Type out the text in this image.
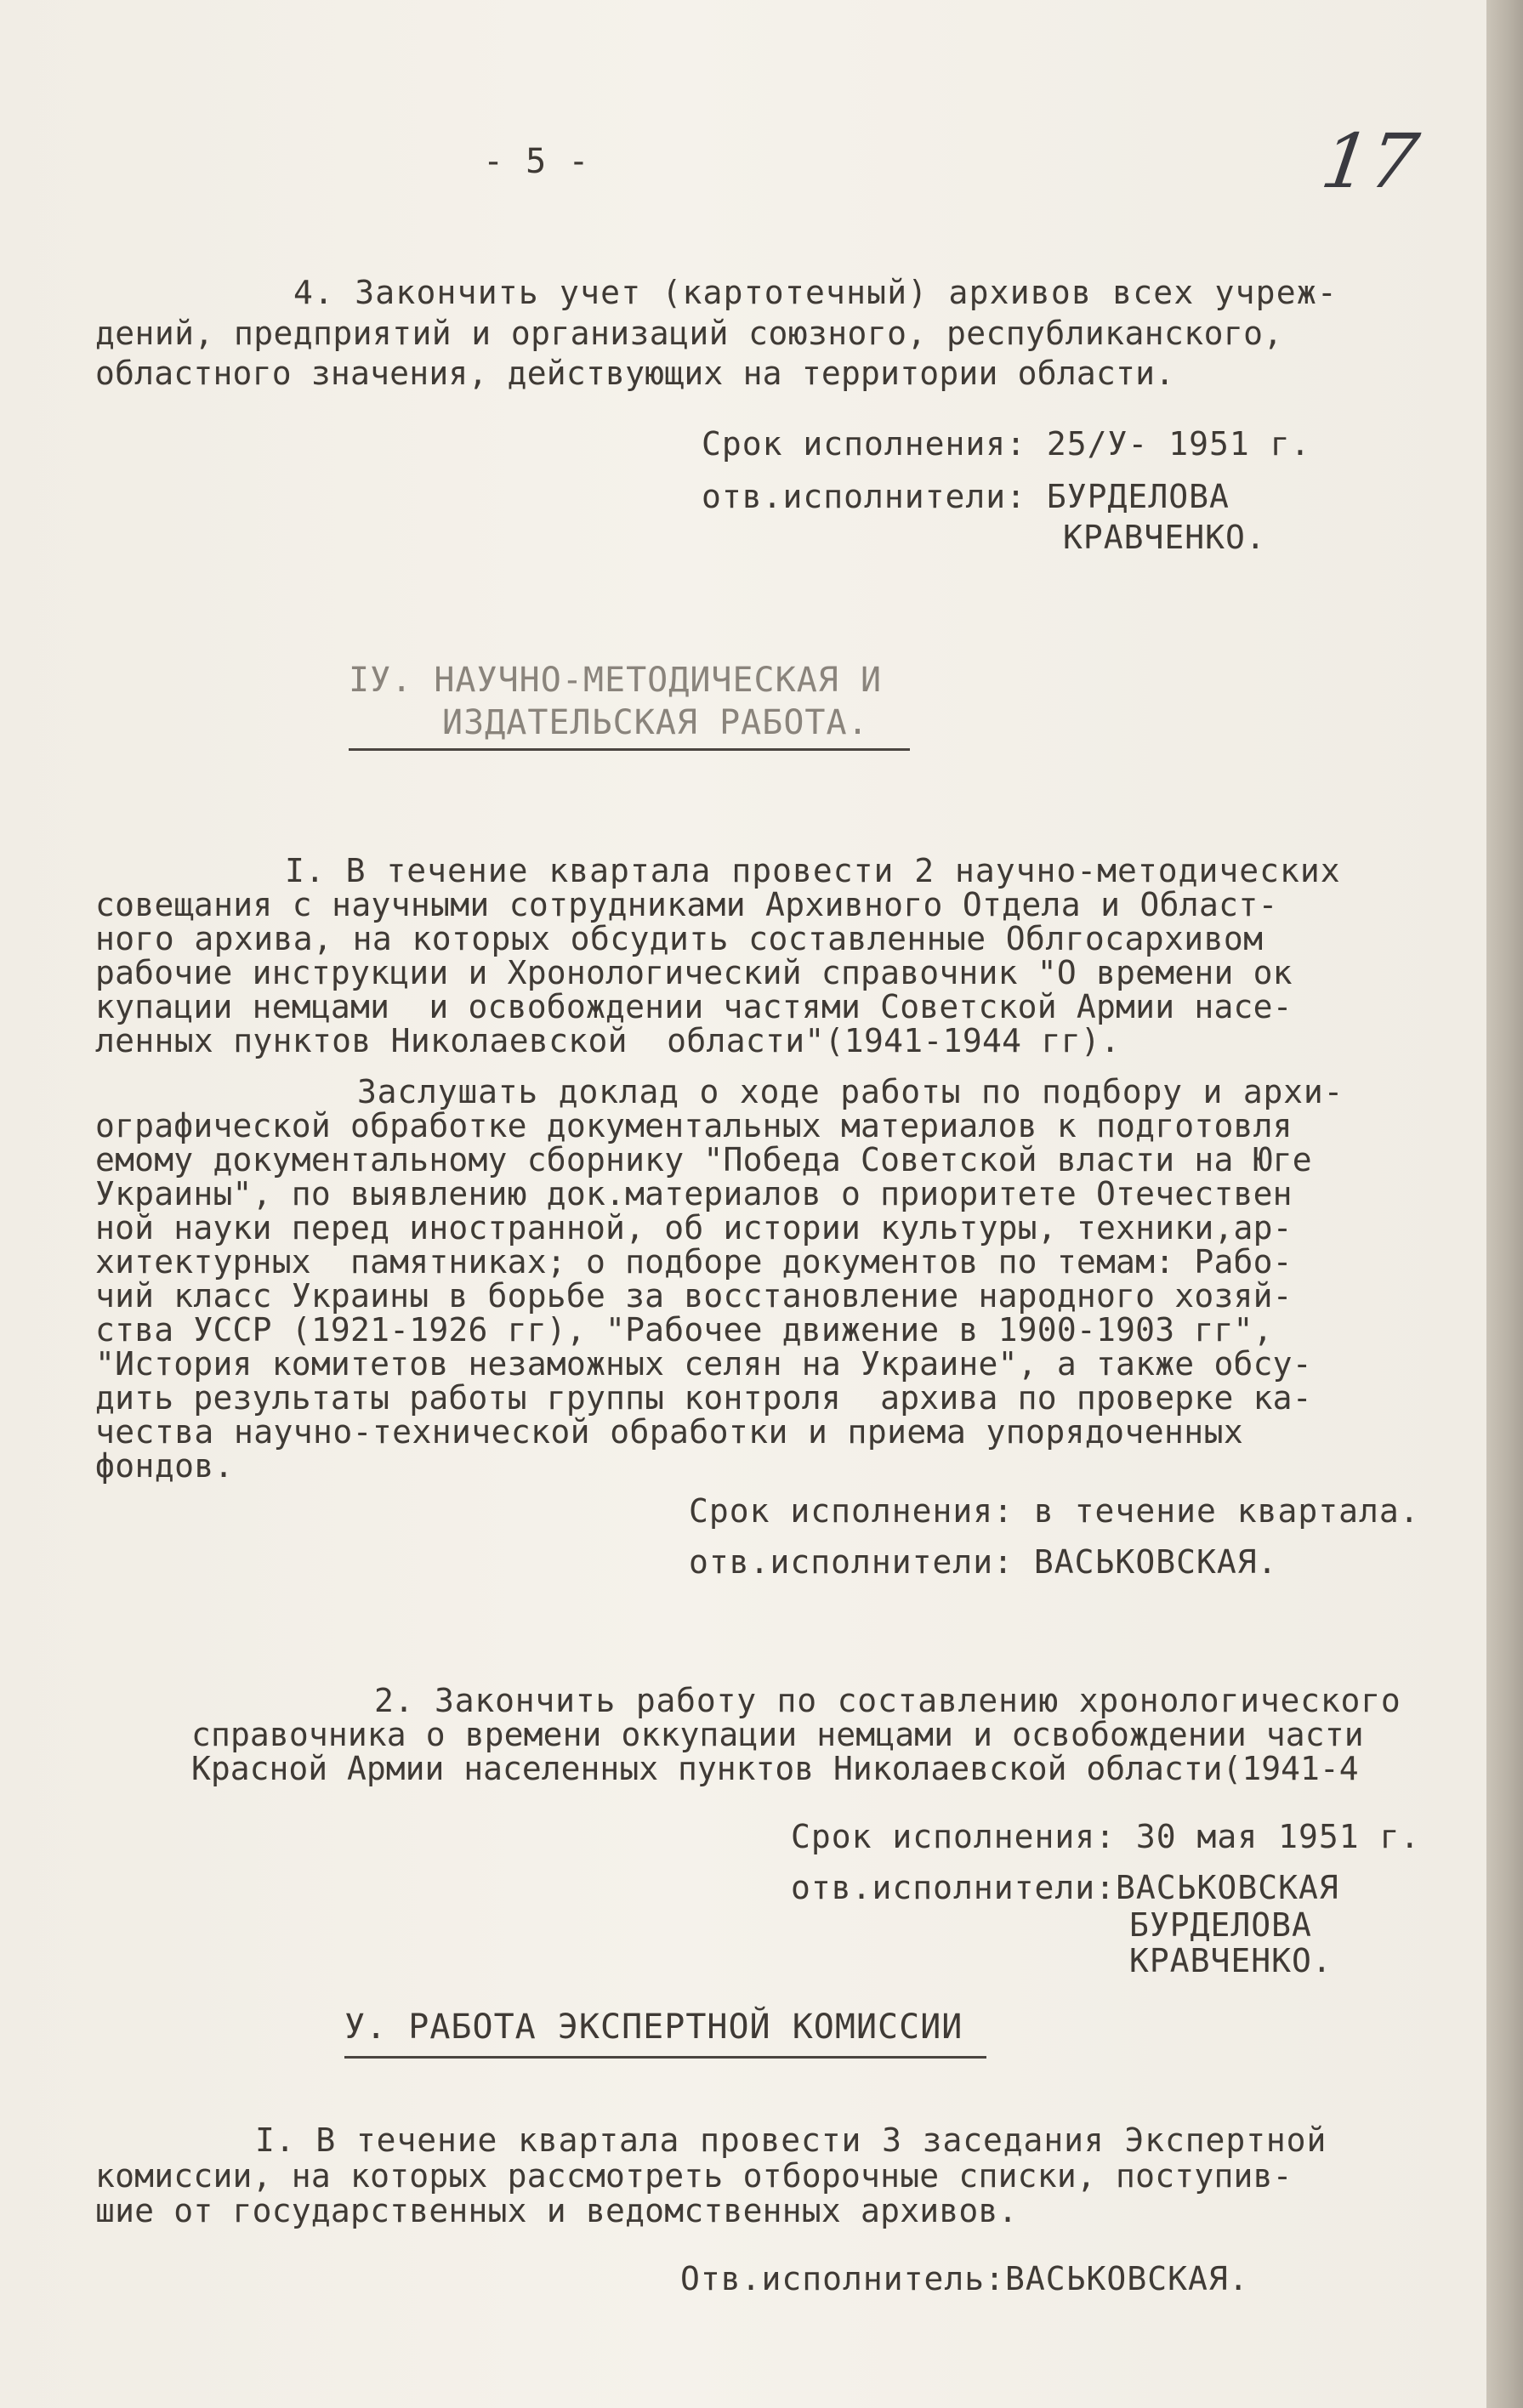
- 5 -	17
4. Закончить учет (картотечный) архивов всех учреж-
дений, предприятий и организаций союзного, республиканского,
областного значения, действующих на территории области.
Срок исполнения: 25/У- 1951 г.
отв.исполнители: БУРДЕЛОВА
КРАВЧЕНКО.
IУ. НАУЧНО-МЕТОДИЧЕСКАЯ И
ИЗДАТЕЛЬСКАЯ РАБОТА.
I. В течение квартала провести 2 научно-методических
совещания с научными сотрудниками Архивного Отдела и Област-
ного архива, на которых обсудить составленные Облгосархивом
рабочие инструкции и Хронологический справочник "О времени ок
купации немцами  и освобождении частями Советской Армии насе-
ленных пунктов Николаевской  области"(1941-1944 гг).
Заслушать доклад о ходе работы по подбору и архи-
ографической обработке документальных материалов к подготовля
емому документальному сборнику "Победа Советской власти на Юге
Украины", по выявлению док.материалов о приоритете Отечествен
ной науки перед иностранной, об истории культуры, техники,ар-
хитектурных  памятниках; о подборе документов по темам: Рабо-
чий класс Украины в борьбе за восстановление народного хозяй-
ства УССР (1921-1926 гг), "Рабочее движение в 1900-1903 гг",
"История комитетов незаможных селян на Украине", а также обсу-
дить результаты работы группы контроля  архива по проверке ка-
чества научно-технической обработки и приема упорядоченных
фондов.
Срок исполнения: в течение квартала.
отв.исполнители: ВАСЬКОВСКАЯ.
2. Закончить работу по составлению хронологического
справочника о времени оккупации немцами и освобождении части
Красной Армии населенных пунктов Николаевской области(1941-4
Срок исполнения: 30 мая 1951 г.
отв.исполнители:ВАСЬКОВСКАЯ
БУРДЕЛОВА
КРАВЧЕНКО.
У. РАБОТА ЭКСПЕРТНОЙ КОМИССИИ
I. В течение квартала провести 3 заседания Экспертной
комиссии, на которых рассмотреть отборочные списки, поступив-
шие от государственных и ведомственных архивов.
Отв.исполнитель:ВАСЬКОВСКАЯ.
